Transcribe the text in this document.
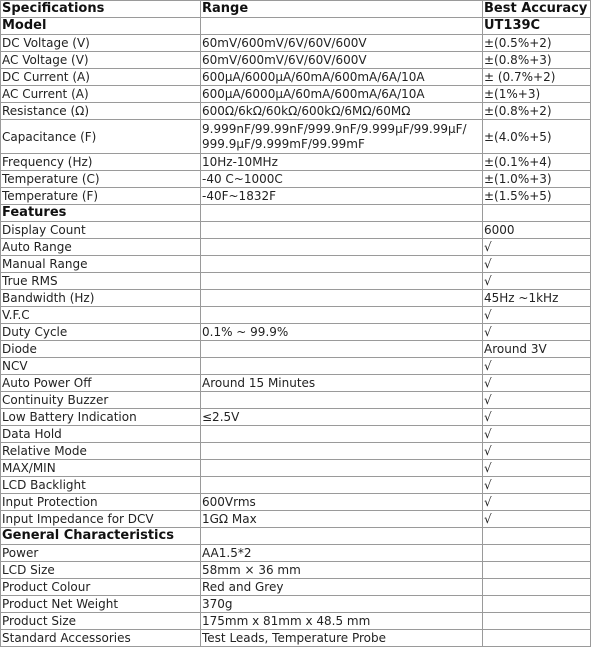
Specifications	Range	Best Accuracy
Model		UT139C
DC Voltage (V)	60mV/600mV/6V/60V/600V	±(0.5%+2)
AC Voltage (V)	60mV/600mV/6V/60V/600V	±(0.8%+3)
DC Current (A)	600μA/6000μA/60mA/600mA/6A/10A	± (0.7%+2)
AC Current (A)	600μA/6000μA/60mA/600mA/6A/10A	±(1%+3)
Resistance (Ω)	600Ω/6kΩ/60kΩ/600kΩ/6MΩ/60MΩ	±(0.8%+2)
Capacitance (F)	9.999nF/99.99nF/999.9nF/9.999μF/99.99μF/ 999.9μF/9.999mF/99.99mF	±(4.0%+5)
Frequency (Hz)	10Hz-10MHz	±(0.1%+4)
Temperature (C)	-40 C~1000C	±(1.0%+3)
Temperature (F)	-40F~1832F	±(1.5%+5)
Features		
Display Count		6000
Auto Range		√
Manual Range		√
True RMS		√
Bandwidth (Hz)		45Hz ~1kHz
V.F.C		√
Duty Cycle	0.1% ~ 99.9%	√
Diode		Around 3V
NCV		√
Auto Power Off	Around 15 Minutes	√
Continuity Buzzer		√
Low Battery Indication	≤2.5V	√
Data Hold		√
Relative Mode		√
MAX/MIN		√
LCD Backlight		√
Input Protection	600Vrms	√
Input Impedance for DCV	1GΩ Max	√
General Characteristics		
Power	AA1.5*2	
LCD Size	58mm × 36 mm	
Product Colour	Red and Grey	
Product Net Weight	370g	
Product Size	175mm x 81mm x 48.5 mm	
Standard Accessories	Test Leads, Temperature Probe	
